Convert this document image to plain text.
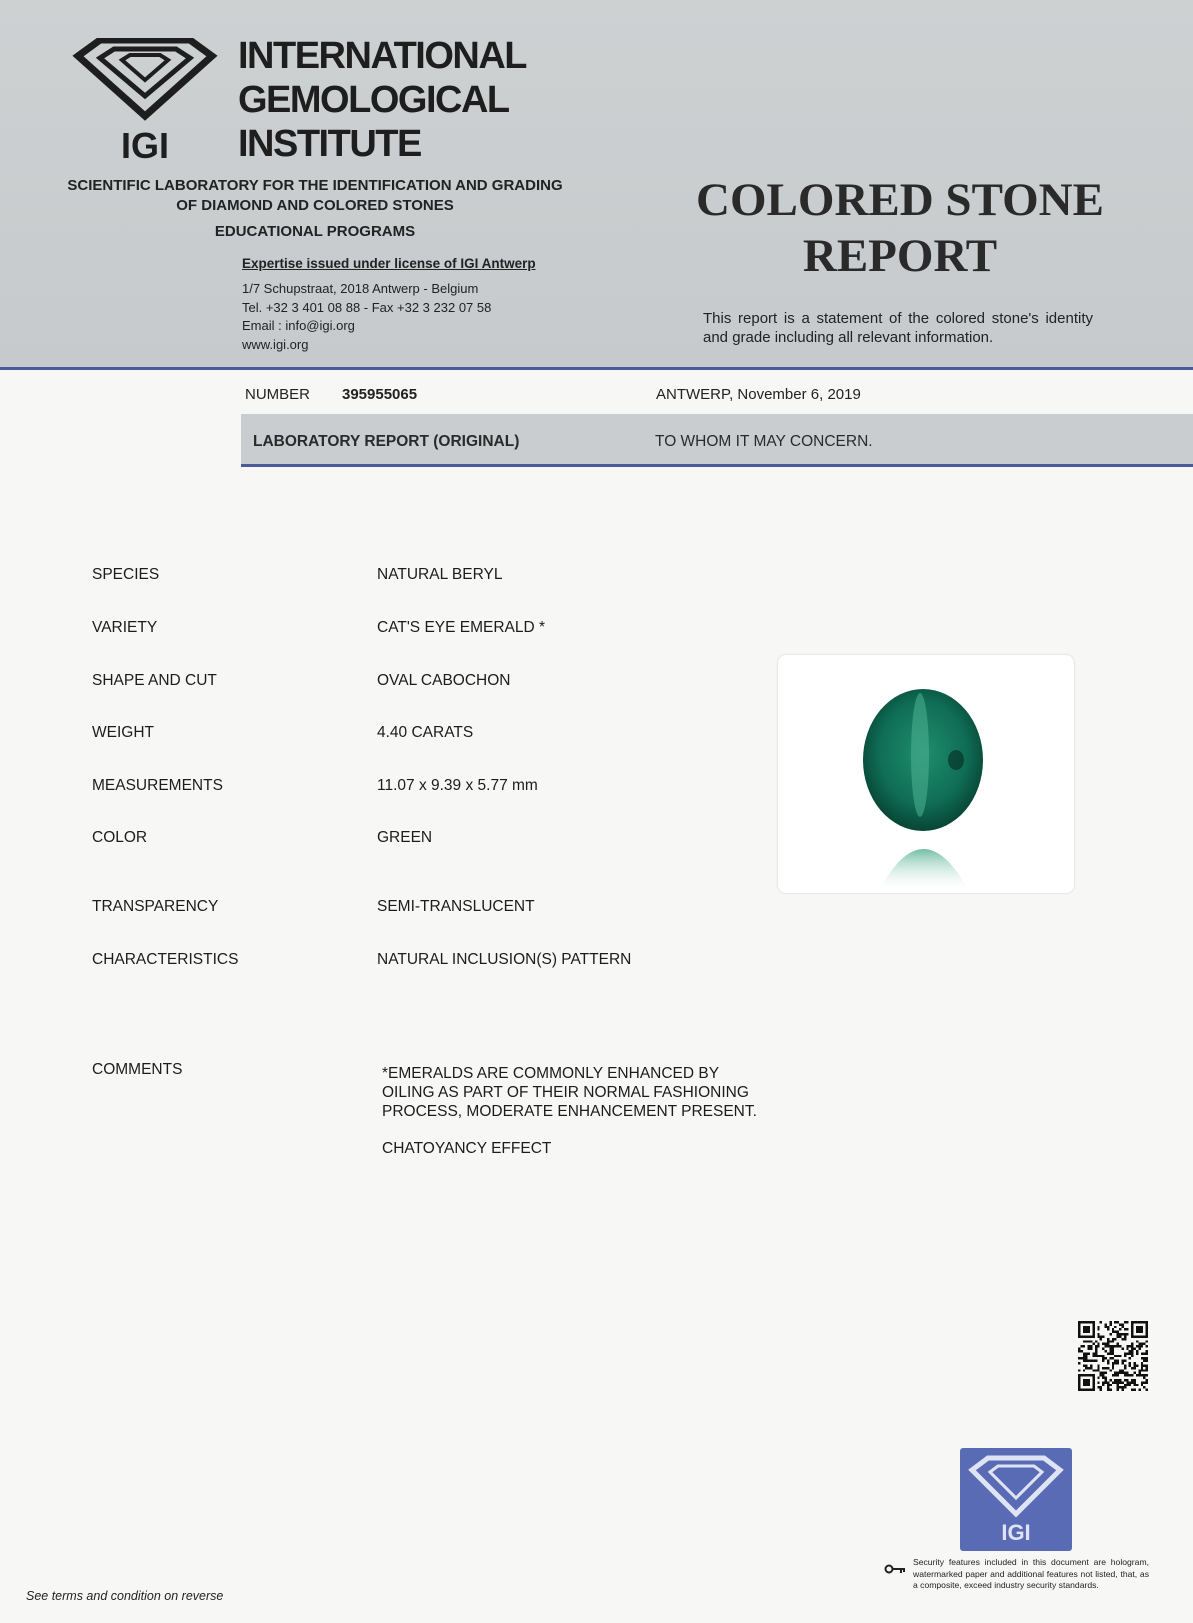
IGI
INTERNATIONAL
GEMOLOGICAL
INSTITUTE
SCIENTIFIC LABORATORY FOR THE IDENTIFICATION AND GRADING
OF DIAMOND AND COLORED STONES
EDUCATIONAL PROGRAMS
Expertise issued under license of IGI Antwerp
1/7 Schupstraat, 2018 Antwerp - Belgium
Tel. +32 3 401 08 88 - Fax +32 3 232 07 58
Email : info@igi.org
www.igi.org
COLORED STONE
REPORT
This report is a statement of the colored stone's identity and grade including all relevant information.
NUMBER 395955065	ANTWERP, November 6, 2019
LABORATORY REPORT (ORIGINAL)	TO WHOM IT MAY CONCERN.
SPECIES	NATURAL BERYL
VARIETY	CAT'S EYE EMERALD *
SHAPE AND CUT	OVAL CABOCHON
WEIGHT	4.40 CARATS
MEASUREMENTS	11.07 x 9.39 x 5.77 mm
COLOR	GREEN
TRANSPARENCY	SEMI-TRANSLUCENT
CHARACTERISTICS	NATURAL INCLUSION(S) PATTERN
COMMENTS	*EMERALDS ARE COMMONLY ENHANCED BY
OILING AS PART OF THEIR NORMAL FASHIONING
PROCESS, MODERATE ENHANCEMENT PRESENT.
CHATOYANCY EFFECT
IGI
Security features included in this document are hologram, watermarked paper and additional features not listed, that, as a composite, exceed industry security standards.
See terms and condition on reverse
